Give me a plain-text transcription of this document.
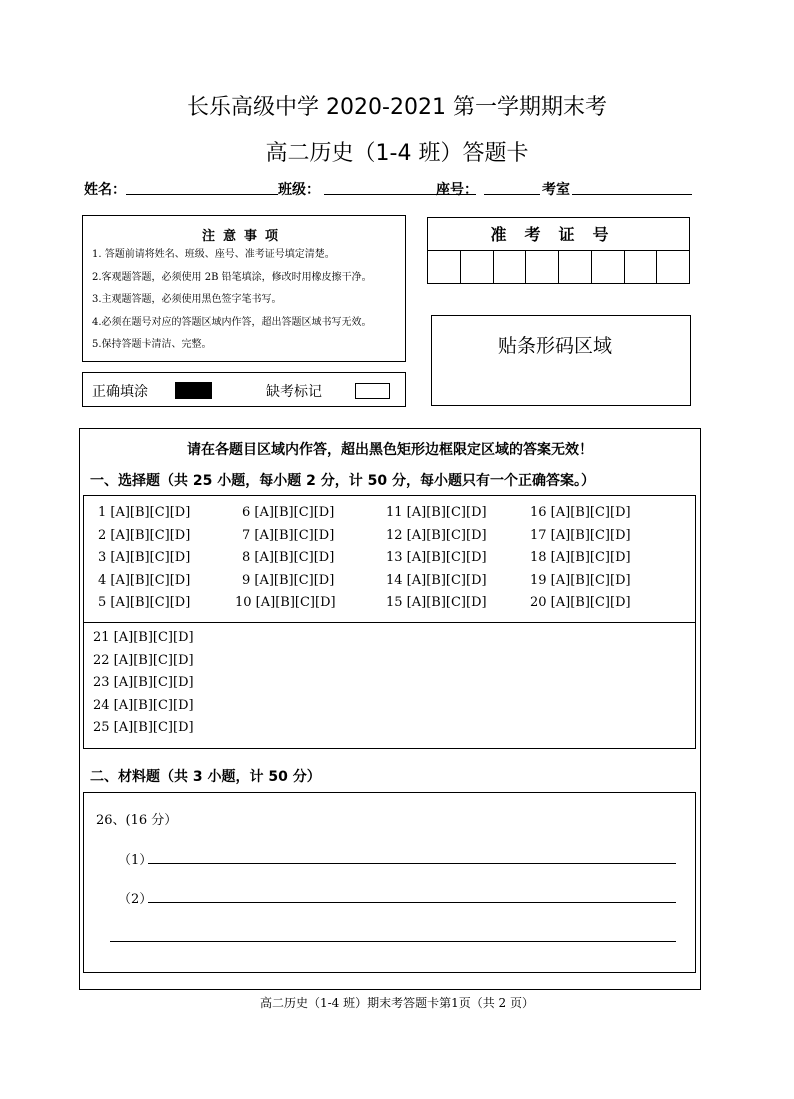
长乐高级中学 2020-2021 第一学期期末考
高二历史（1-4 班）答题卡
姓名：	班级：	座号：	考室
注意事项
1. 答题前请将姓名、班级、座号、准考证号填定清楚。
2.客观题答题，必须使用 2B 铅笔填涂，修改时用橡皮擦干净。
3.主观题答题，必须使用黑色签字笔书写。
4.必须在题号对应的答题区域内作答，超出答题区域书写无效。
5.保持答题卡清洁、完整。
正确填涂	缺考标记
准考证号
贴条形码区域
请在各题目区域内作答，超出黑色矩形边框限定区域的答案无效！
一、选择题（共 25 小题，每小题 2 分，计 50 分，每小题只有一个正确答案。）
1 [A][B][C][D]
2 [A][B][C][D]
3 [A][B][C][D]
4 [A][B][C][D]
5 [A][B][C][D]
6 [A][B][C][D]
7 [A][B][C][D]
8 [A][B][C][D]
9 [A][B][C][D]
10 [A][B][C][D]
11 [A][B][C][D]
12 [A][B][C][D]
13 [A][B][C][D]
14 [A][B][C][D]
15 [A][B][C][D]
16 [A][B][C][D]
17 [A][B][C][D]
18 [A][B][C][D]
19 [A][B][C][D]
20 [A][B][C][D]
21 [A][B][C][D]
22 [A][B][C][D]
23 [A][B][C][D]
24 [A][B][C][D]
25 [A][B][C][D]
二、材料题（共 3 小题，计 50 分）
26、(16 分）
（1）
（2）
高二历史（1-4 班）期末考答题卡第1页（共 2 页）
